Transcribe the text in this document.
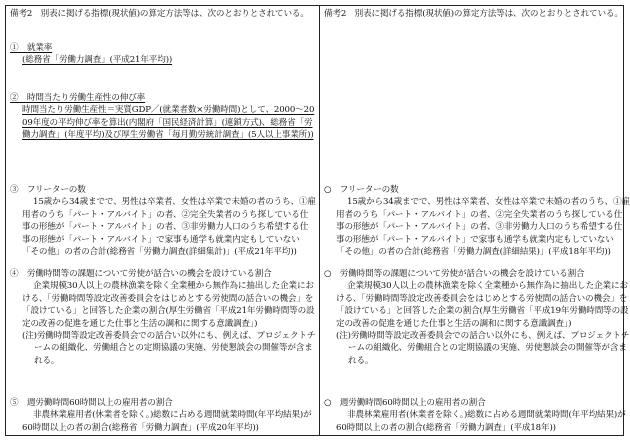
備考2　別表に掲げる指標(現状値)の算定方法等は、次のとおりとされている。

①　就業率

(総務省「労働力調査」(平成21年平均))

②　時間当たり労働生産性の伸び率

時間当たり労働生産性＝実質GDP／(就業者数×労働時間)として、2000〜2009年度の平均伸び率を算出(内閣府「国民経済計算」(連鎖方式)、総務省「労働力調査」(年度平均)及び厚生労働省「毎月勤労統計調査」(5人以上事業所))

③　フリーターの数

15歳から34歳までで、男性は卒業者、女性は卒業で未婚の者のうち、①雇用者のうち「パート・アルバイト」の者、②完全失業者のうち探している仕事の形態が「パート・アルバイト」の者、③非労働力人口のうち希望する仕事の形態が「パート・アルバイト」で家事も通学も就業内定もしていない「その他」の者の合計(総務省「労働力調査(詳細集計)」(平成21年平均))

④　労働時間等の課題について労使が話合いの機会を設けている割合

企業規模30人以上の農林漁業を除く全業種から無作為に抽出した企業における、「労働時間等設定改善委員会をはじめとする労使間の話合いの機会」を「設けている」と回答した企業の割合(厚生労働省「平成21年労働時間等の設定の改善の促進を通じた仕事と生活の調和に関する意識調査」)

(注)労働時間等設定改善委員会での話合い以外にも、例えば、プロジェクトチームの組織化、労働組合との定期協議の実施、労使懇談会の開催等が含まれる。

⑤　週労働時間60時間以上の雇用者の割合

非農林業雇用者(休業者を除く。)総数に占める週間就業時間(年平均結果)が60時間以上の者の割合(総務省「労働力調査」(平成20年平均))

備考2　別表に掲げる指標(現状値)の算定方法等は、次のとおりとされている。

○　フリーターの数

15歳から34歳までで、男性は卒業者、女性は卒業で未婚の者のうち、①雇用者のうち「パート・アルバイト」の者、②完全失業者のうち探している仕事の形態が「パート・アルバイト」の者、③非労働力人口のうち希望する仕事の形態が「パート・アルバイト」で家事も通学も就業内定もしていない「その他」の者の合計(総務省「労働力調査(詳細結果)」(平成18年平均))

○　労働時間等の課題について労使が話合いの機会を設けている割合

企業規模30人以上の農林漁業を除く全業種から無作為に抽出した企業における、「労働時間等設定改善委員会をはじめとする労使間の話合いの機会」を「設けている」と回答した企業の割合(厚生労働省「平成19年労働時間等の設定の改善の促進を通じた仕事と生活の調和に関する意識調査」)

(注)労働時間等設定改善委員会での話合い以外にも、例えば、プロジェクトチームの組織化、労働組合との定期協議の実施、労使懇談会の開催等が含まれる。

○　週労働時間60時間以上の雇用者の割合

非農林業雇用者(休業者を除く。)総数に占める週間就業時間(年平均結果)が60時間以上の者の割合(総務省「労働力調査」(平成18年))
